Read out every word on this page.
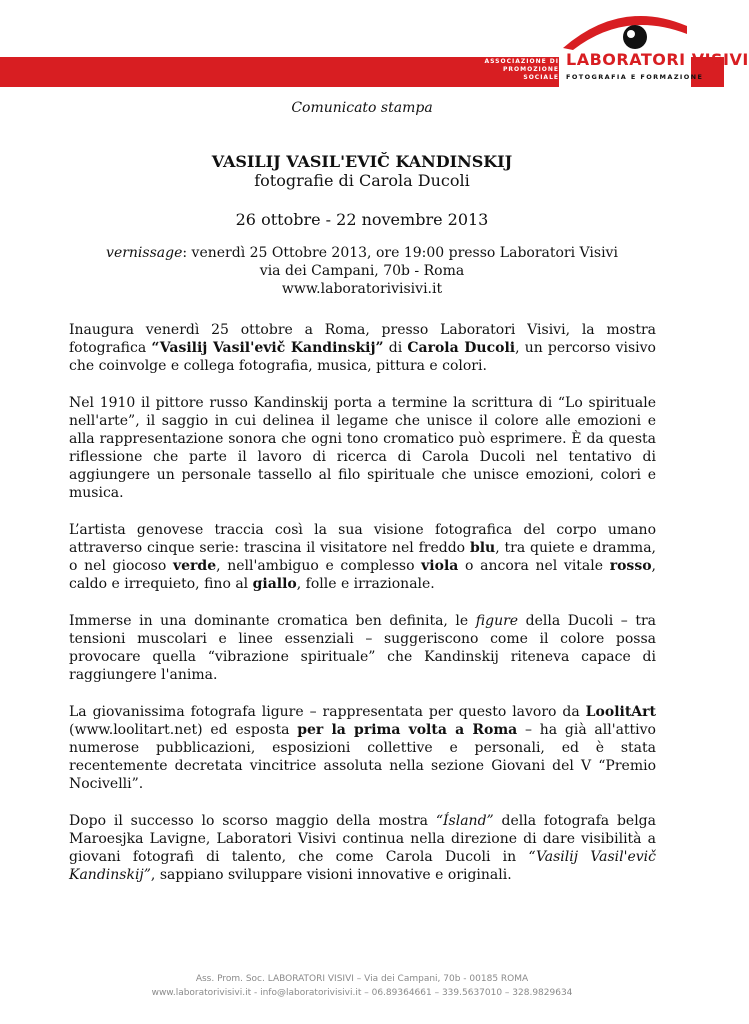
ASSOCIAZIONE DI
PROMOZIONE
SOCIALE
LABORATORI VISIVI
FOTOGRAFIA E FORMAZIONE
Comunicato stampa
VASILIJ VASIL'EVIČ KANDINSKIJ
fotografie di Carola Ducoli
26 ottobre - 22 novembre 2013
vernissage: venerdì 25 Ottobre 2013, ore 19:00 presso Laboratori Visivi
via dei Campani, 70b - Roma
www.laboratorivisivi.it

Inaugura venerdì 25 ottobre a Roma, presso Laboratori Visivi, la mostra fotografica “Vasilij Vasil'evič Kandinskij” di Carola Ducoli, un percorso visivo che coinvolge e collega fotografia, musica, pittura e colori.

Nel 1910 il pittore russo Kandinskij porta a termine la scrittura di “Lo spirituale nell'arte”, il saggio in cui delinea il legame che unisce il colore alle emozioni e alla rappresentazione sonora che ogni tono cromatico può esprimere. È da questa riflessione che parte il lavoro di ricerca di Carola Ducoli nel tentativo di aggiungere un personale tassello al filo spirituale che unisce emozioni, colori e musica.

L’artista genovese traccia così la sua visione fotografica del corpo umano attraverso cinque serie: trascina il visitatore nel freddo blu, tra quiete e dramma, o nel giocoso verde, nell'ambiguo e complesso viola o ancora nel vitale rosso, caldo e irrequieto, fino al giallo, folle e irrazionale.

Immerse in una dominante cromatica ben definita, le figure della Ducoli – tra tensioni muscolari e linee essenziali – suggeriscono come il colore possa provocare quella “vibrazione spirituale” che Kandinskij riteneva capace di raggiungere l'anima.

La giovanissima fotografa ligure – rappresentata per questo lavoro da LoolitArt (www.loolitart.net) ed esposta per la prima volta a Roma – ha già all'attivo numerose pubblicazioni, esposizioni collettive e personali, ed è stata recentemente decretata vincitrice assoluta nella sezione Giovani del V “Premio Nocivelli”.

Dopo il successo lo scorso maggio della mostra “Ísland” della fotografa belga Maroesjka Lavigne, Laboratori Visivi continua nella direzione di dare visibilità a giovani fotografi di talento, che come Carola Ducoli in “Vasilij Vasil'evič Kandinskij”, sappiano sviluppare visioni innovative e originali.

Ass. Prom. Soc. LABORATORI VISIVI – Via dei Campani, 70b - 00185 ROMA
www.laboratorivisivi.it - info@laboratorivisivi.it – 06.89364661 – 339.5637010 – 328.9829634
